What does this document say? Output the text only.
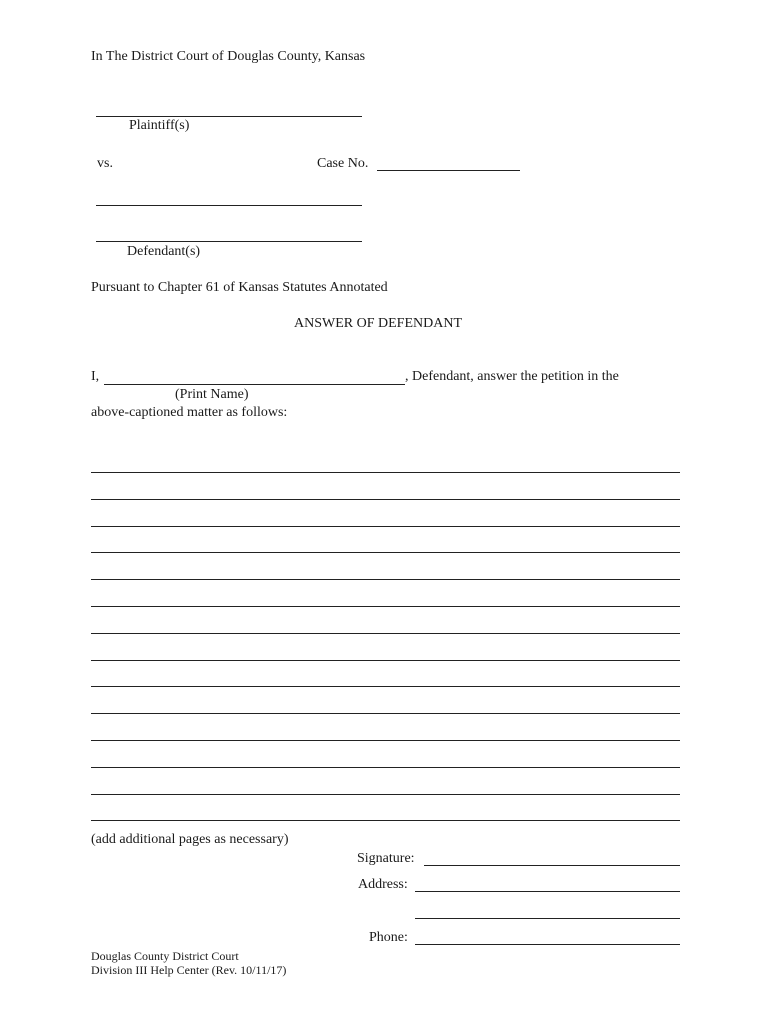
In The District Court of Douglas County, Kansas
Plaintiff(s)
vs.	Case No.
Defendant(s)
Pursuant to Chapter 61 of Kansas Statutes Annotated
ANSWER OF DEFENDANT
I,	, Defendant, answer the petition in the
(Print Name)
above-captioned matter as follows:
(add additional pages as necessary)
Signature:
Address:
Phone:
Douglas County District Court
Division III Help Center (Rev. 10/11/17)
